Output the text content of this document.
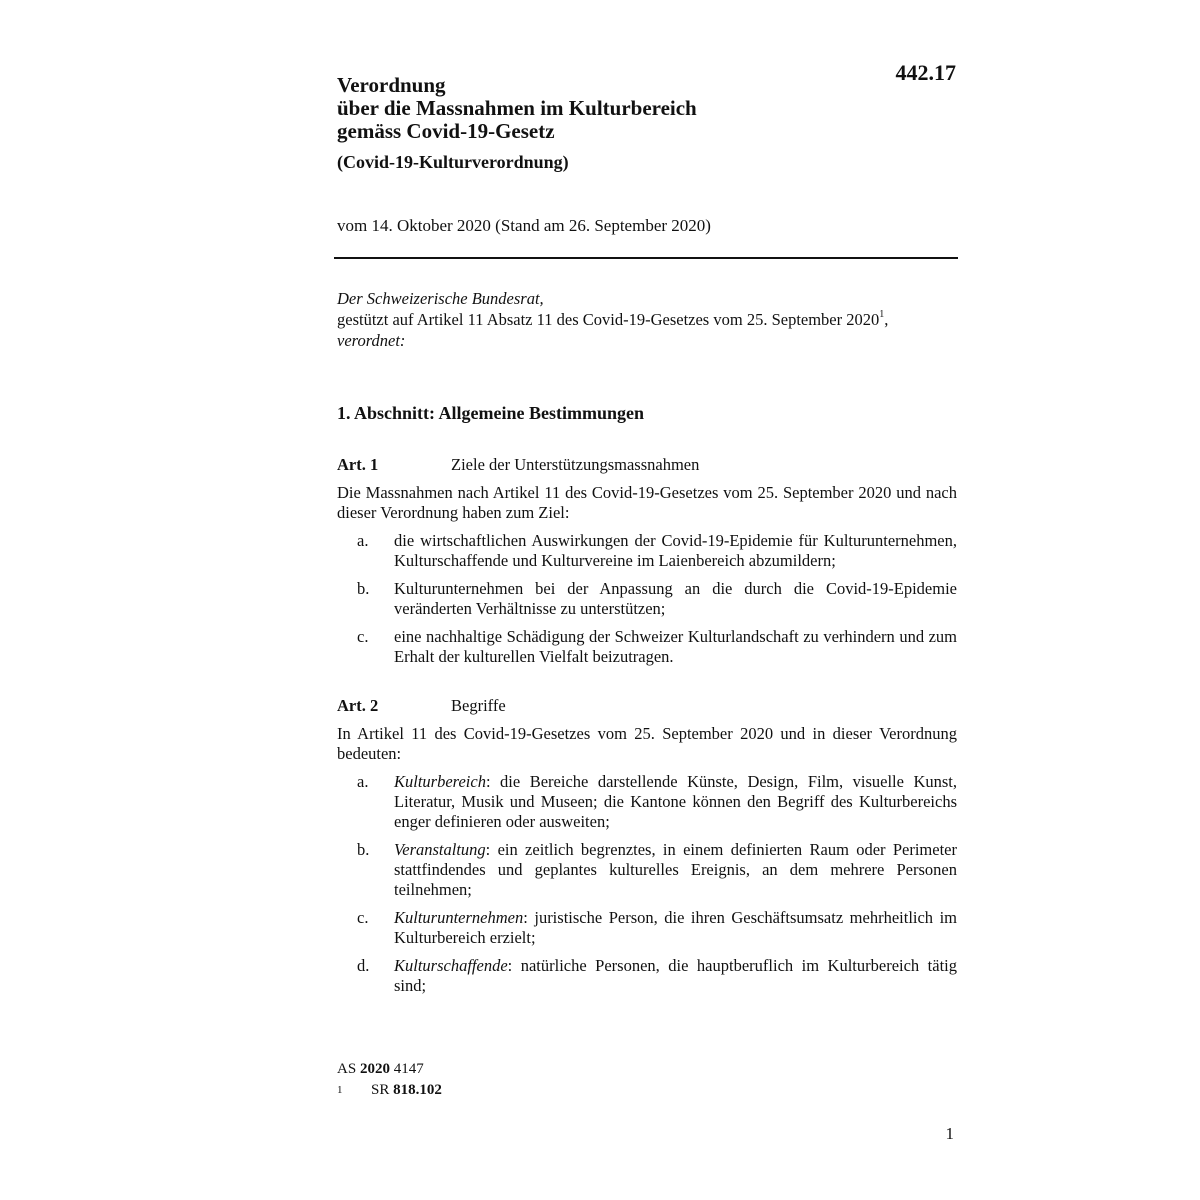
442.17
Verordnung
über die Massnahmen im Kulturbereich
gemäss Covid-19-Gesetz
(Covid-19-Kulturverordnung)
vom 14. Oktober 2020 (Stand am 26. September 2020)
Der Schweizerische Bundesrat,
gestützt auf Artikel 11 Absatz 11 des Covid-19-Gesetzes vom 25. September 2020$^1$,
verordnet:
1. Abschnitt: Allgemeine Bestimmungen
Art. 1	Ziele der Unterstützungsmassnahmen
Die Massnahmen nach Artikel 11 des Covid-19-Gesetzes vom 25. September 2020 und nach dieser Verordnung haben zum Ziel:
a.	die wirtschaftlichen Auswirkungen der Covid-19-Epidemie für Kulturunternehmen, Kulturschaffende und Kulturvereine im Laienbereich abzumildern;
b.	Kulturunternehmen bei der Anpassung an die durch die Covid-19-Epidemie veränderten Verhältnisse zu unterstützen;
c.	eine nachhaltige Schädigung der Schweizer Kulturlandschaft zu verhindern und zum Erhalt der kulturellen Vielfalt beizutragen.
Art. 2	Begriffe
In Artikel 11 des Covid-19-Gesetzes vom 25. September 2020 und in dieser Verordnung bedeuten:
a.	Kulturbereich: die Bereiche darstellende Künste, Design, Film, visuelle Kunst, Literatur, Musik und Museen; die Kantone können den Begriff des Kulturbereichs enger definieren oder ausweiten;
b.	Veranstaltung: ein zeitlich begrenztes, in einem definierten Raum oder Perimeter stattfindendes und geplantes kulturelles Ereignis, an dem mehrere Personen teilnehmen;
c.	Kulturunternehmen: juristische Person, die ihren Geschäftsumsatz mehrheitlich im Kulturbereich erzielt;
d.	Kulturschaffende: natürliche Personen, die hauptberuflich im Kulturbereich tätig sind;
AS 2020 4147
1	SR 818.102
1
